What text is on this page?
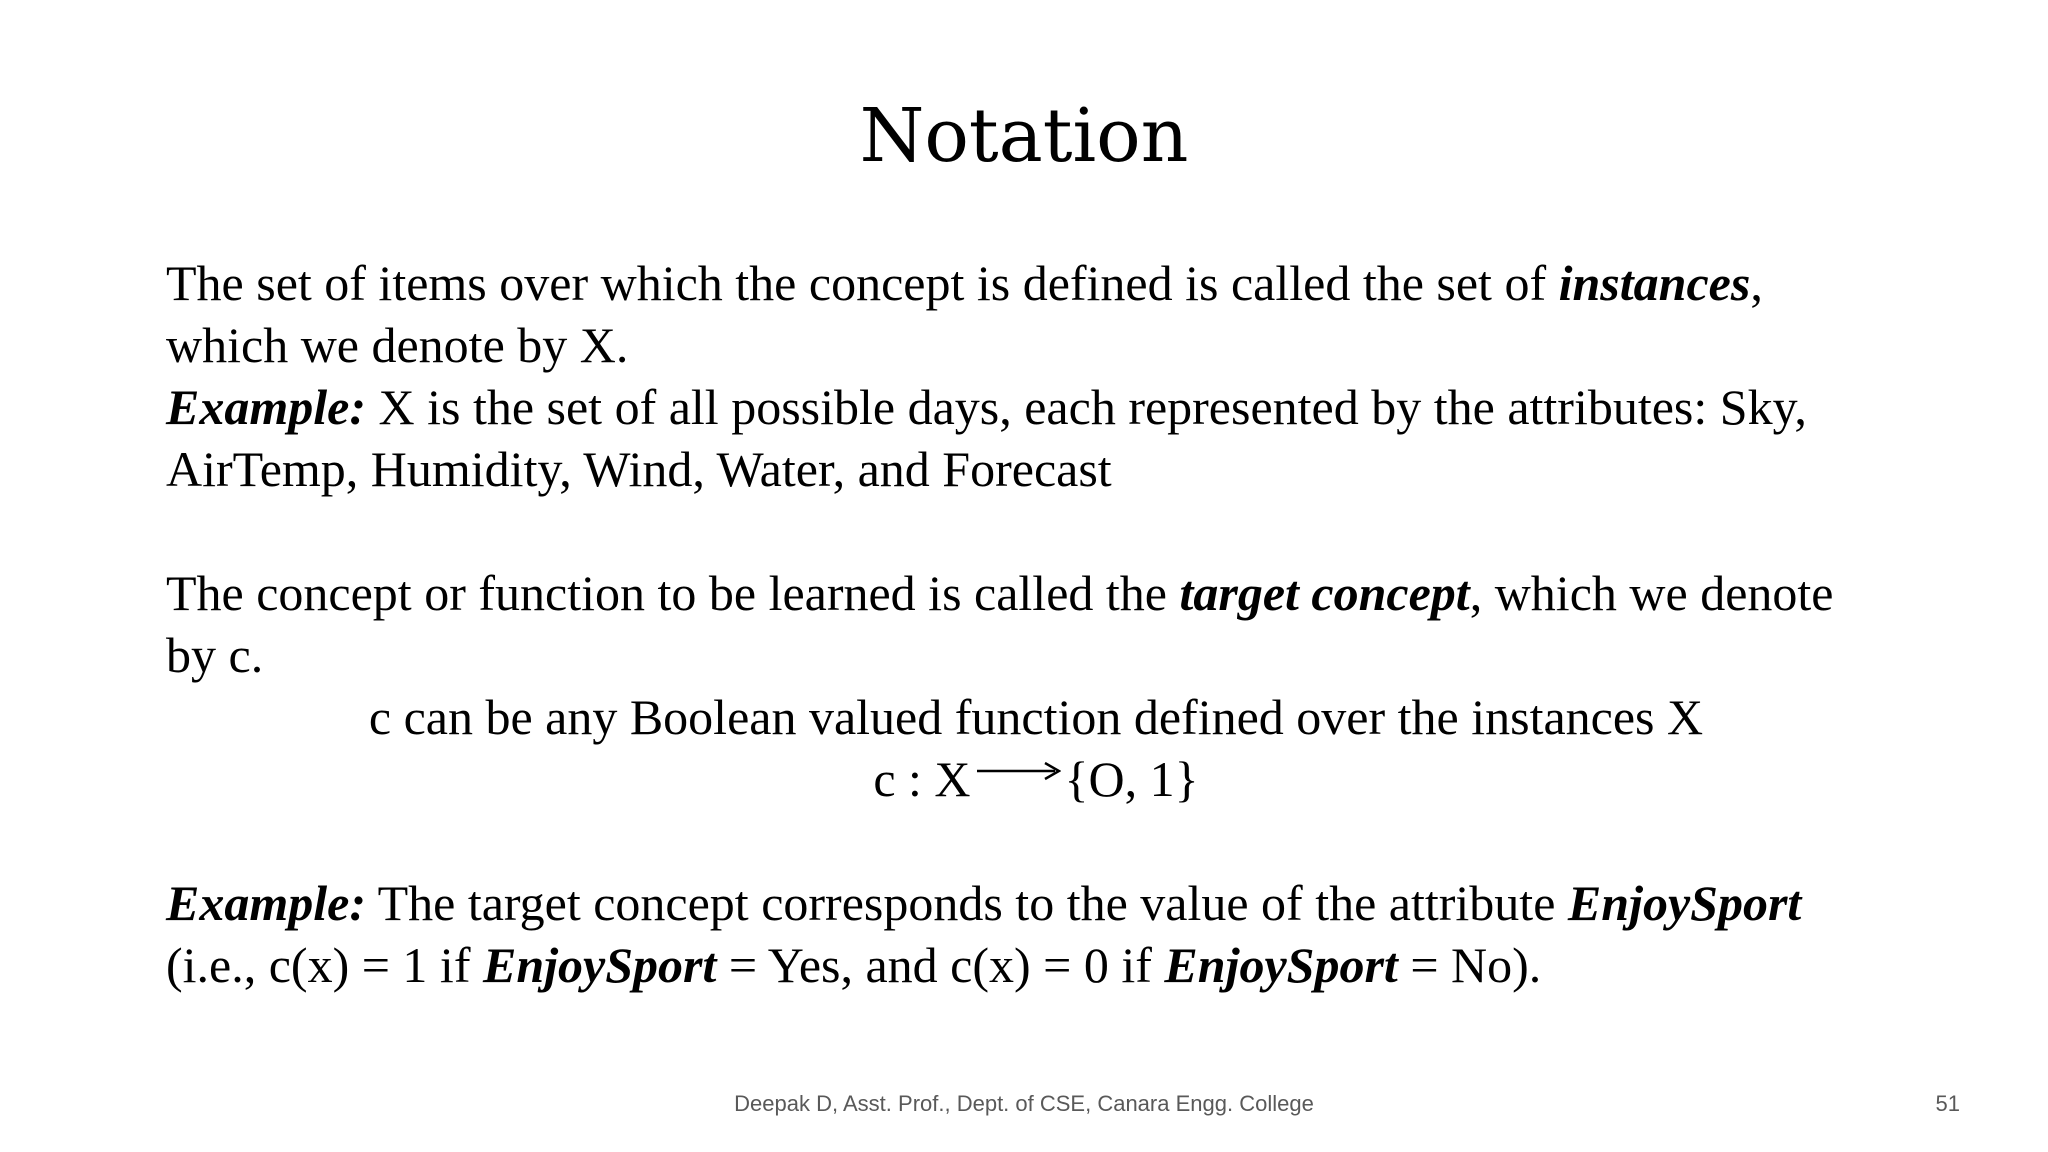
Notation
The set of items over which the concept is defined is called the set of instances,
which we denote by X.
Example: X is the set of all possible days, each represented by the attributes: Sky,
AirTemp, Humidity, Wind, Water, and Forecast
The concept or function to be learned is called the target concept, which we denote
by c.
c can be any Boolean valued function defined over the instances X
c : X {O, 1}
Example: The target concept corresponds to the value of the attribute EnjoySport
(i.e., c(x) = 1 if EnjoySport = Yes, and c(x) = 0 if EnjoySport = No).
Deepak D, Asst. Prof., Dept. of CSE, Canara Engg. College	51
